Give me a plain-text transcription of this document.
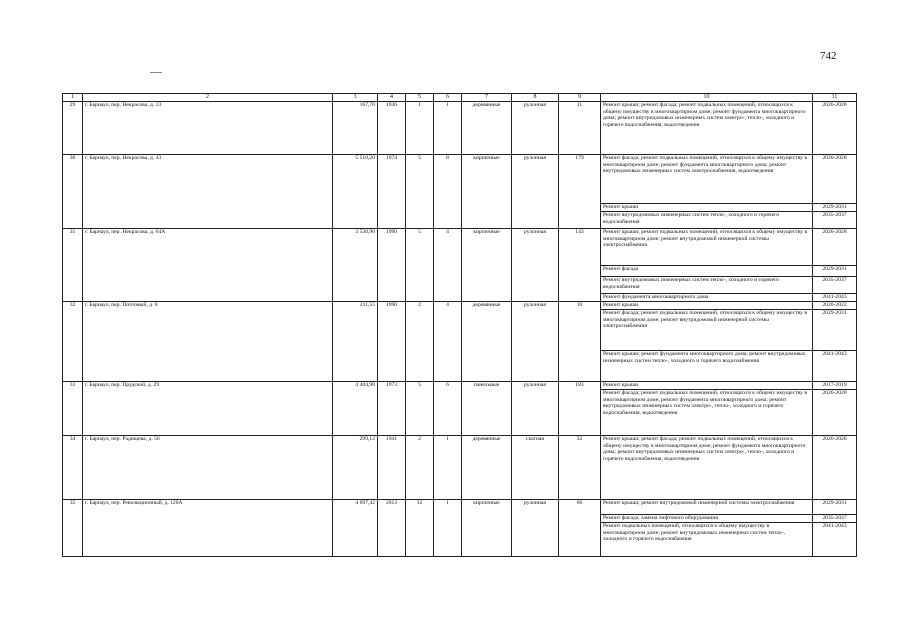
742
1	2	3	4	5	6	7	8	9	10	11
29	г. Барнаул, пер. Некрасова, д. 13	167,70	1936	1	1	деревянные	рулонная	11	Ремонт крыши; ремонт фасада; ремонт подвальных помещений, относящихся к общему имуществу в многоквартирном доме; ремонт фундамента многоквартирного дома; ремонт внутридомовых инженерных систем электро-, тепло-, холодного и горячего водоснабжения, водоотведения	2026-2028
30	г. Барнаул, пер. Некрасова, д. 43	5 510,20	1974	5	8	кирпичные	рулонная	179	Ремонт фасада; ремонт подвальных помещений, относящихся к общему имуществу в многоквартирном доме; ремонт фундамента многоквартирного дома; ремонт внутридомовых инженерных систем электроснабжения, водоотведения	2026-2028
									Ремонт крыши	2029-2031
									Ремонт внутридомовых инженерных систем тепло-, холодного и горячего водоснабжения	2035-2037
31	г. Барнаул, пер. Некрасова, д. 64А	3 530,90	1990	5	4	кирпичные	рулонная	143	Ремонт крыши; ремонт подвальных помещений, относящихся к общему имуществу в многоквартирном доме; ремонт внутридомовой инженерной системы электроснабжения	2026-2028
									Ремонт фасада	2029-2031
									Ремонт внутридомовых инженерных систем тепло-, холодного и горячего водоснабжения	2035-2037
									Ремонт фундамента многоквартирного дома	2041-2043
32	г. Барнаул, пер. Почтовый, д. 8	211,55	1990	2	4	деревянные	рулонная	16	Ремонт крыши	2020-2022
									Ремонт фасада; ремонт подвальных помещений, относящихся к общему имуществу в многоквартирном доме; ремонт внутридомовой инженерной системы электроснабжения	2029-2031
									Ремонт крыши; ремонт фундамента многоквартирного дома; ремонт внутридомовых инженерных систем тепло-, холодного и горячего водоснабжения	2041-2043
33	г. Барнаул, пер. Прудской, д. 29	4 404,90	1973	5	6	панельные	рулонная	183	Ремонт крыши	2017-2019
									Ремонт фасада; ремонт подвальных помещений, относящихся к общему имуществу в многоквартирном доме; ремонт фундамента многоквартирного дома; ремонт внутридомовых инженерных систем электро-, тепло-, холодного и горячего водоснабжения, водоотведения	2026-2028
34	г. Барнаул, пер. Радищева, д. 56	299,12	1941	2	1	деревянные	скатная	32	Ремонт крыши; ремонт фасада; ремонт подвальных помещений, относящихся к общему имуществу в многоквартирном доме; ремонт фундамента многоквартирного дома; ремонт внутридомовых инженерных систем электро-, тепло-, холодного и горячего водоснабжения, водоотведения	2026-2028
35	г. Барнаул, пер. Революционный, д. 120А	4 697,42	2013	12	1	кирпичные	рулонная	66	Ремонт крыши; ремонт внутридомовой инженерной системы электроснабжения	2029-2031
									Ремонт фасада; замена лифтового оборудования	2035-2037
									Ремонт подвальных помещений, относящихся к общему имуществу в многоквартирном доме; ремонт внутридомовых инженерных систем тепло-, холодного и горячего водоснабжения	2041-2043
